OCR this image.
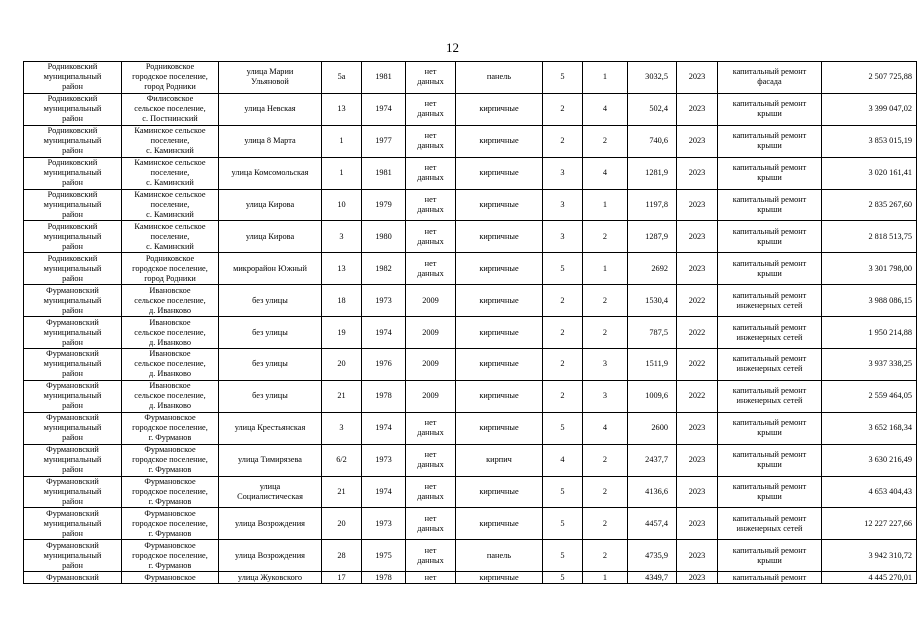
12
Родниковский
муниципальный
район	Родниковское
городское поселение,
город Родники	улица Марии
Ульяновой	5а	1981	нет
данных	панель	5	1	3032,5	2023	капитальный ремонт
фасада	2 507 725,88

Родниковский
муниципальный
район	Филисовское
сельское поселение,
с. Постнинский	улица Невская	13	1974	нет
данных	кирпичные	2	4	502,4	2023	капитальный ремонт
крыши	3 399 047,02

Родниковский
муниципальный
район	Каминское сельское
поселение,
с. Каминский	улица 8 Марта	1	1977	нет
данных	кирпичные	2	2	740,6	2023	капитальный ремонт
крыши	3 853 015,19

Родниковский
муниципальный
район	Каминское сельское
поселение,
с. Каминский	улица Комсомольская	1	1981	нет
данных	кирпичные	3	4	1281,9	2023	капитальный ремонт
крыши	3 020 161,41

Родниковский
муниципальный
район	Каминское сельское
поселение,
с. Каминский	улица Кирова	10	1979	нет
данных	кирпичные	3	1	1197,8	2023	капитальный ремонт
крыши	2 835 267,60

Родниковский
муниципальный
район	Каминское сельское
поселение,
с. Каминский	улица Кирова	3	1980	нет
данных	кирпичные	3	2	1287,9	2023	капитальный ремонт
крыши	2 818 513,75

Родниковский
муниципальный
район	Родниковское
городское поселение,
город Родники	микрорайон Южный	13	1982	нет
данных	кирпичные	5	1	2692	2023	капитальный ремонт
крыши	3 301 798,00

Фурмановский
муниципальный
район	Ивановское
сельское поселение,
д. Иванково	без улицы	18	1973	2009	кирпичные	2	2	1530,4	2022	капитальный ремонт
инженерных сетей	3 988 086,15

Фурмановский
муниципальный
район	Ивановское
сельское поселение,
д. Иванково	без улицы	19	1974	2009	кирпичные	2	2	787,5	2022	капитальный ремонт
инженерных сетей	1 950 214,88

Фурмановский
муниципальный
район	Ивановское
сельское поселение,
д. Иванково	без улицы	20	1976	2009	кирпичные	2	3	1511,9	2022	капитальный ремонт
инженерных сетей	3 937 338,25

Фурмановский
муниципальный
район	Ивановское
сельское поселение,
д. Иванково	без улицы	21	1978	2009	кирпичные	2	3	1009,6	2022	капитальный ремонт
инженерных сетей	2 559 464,05

Фурмановский
муниципальный
район	Фурмановское
городское поселение,
г. Фурманов	улица Крестьянская	3	1974	нет
данных	кирпичные	5	4	2600	2023	капитальный ремонт
крыши	3 652 168,34

Фурмановский
муниципальный
район	Фурмановское
городское поселение,
г. Фурманов	улица Тимирязева	6/2	1973	нет
данных	кирпич	4	2	2437,7	2023	капитальный ремонт
крыши	3 630 216,49

Фурмановский
муниципальный
район	Фурмановское
городское поселение,
г. Фурманов	улица
Социалистическая	21	1974	нет
данных	кирпичные	5	2	4136,6	2023	капитальный ремонт
крыши	4 653 404,43

Фурмановский
муниципальный
район	Фурмановское
городское поселение,
г. Фурманов	улица Возрождения	20	1973	нет
данных	кирпичные	5	2	4457,4	2023	капитальный ремонт
инженерных сетей	12 227 227,66

Фурмановский
муниципальный
район	Фурмановское
городское поселение,
г. Фурманов	улица Возрождения	28	1975	нет
данных	панель	5	2	4735,9	2023	капитальный ремонт
крыши	3 942 310,72

Фурмановский	Фурмановское	улица Жуковского	17	1978	нет	кирпичные	5	1	4349,7	2023	капитальный ремонт	4 445 270,01
